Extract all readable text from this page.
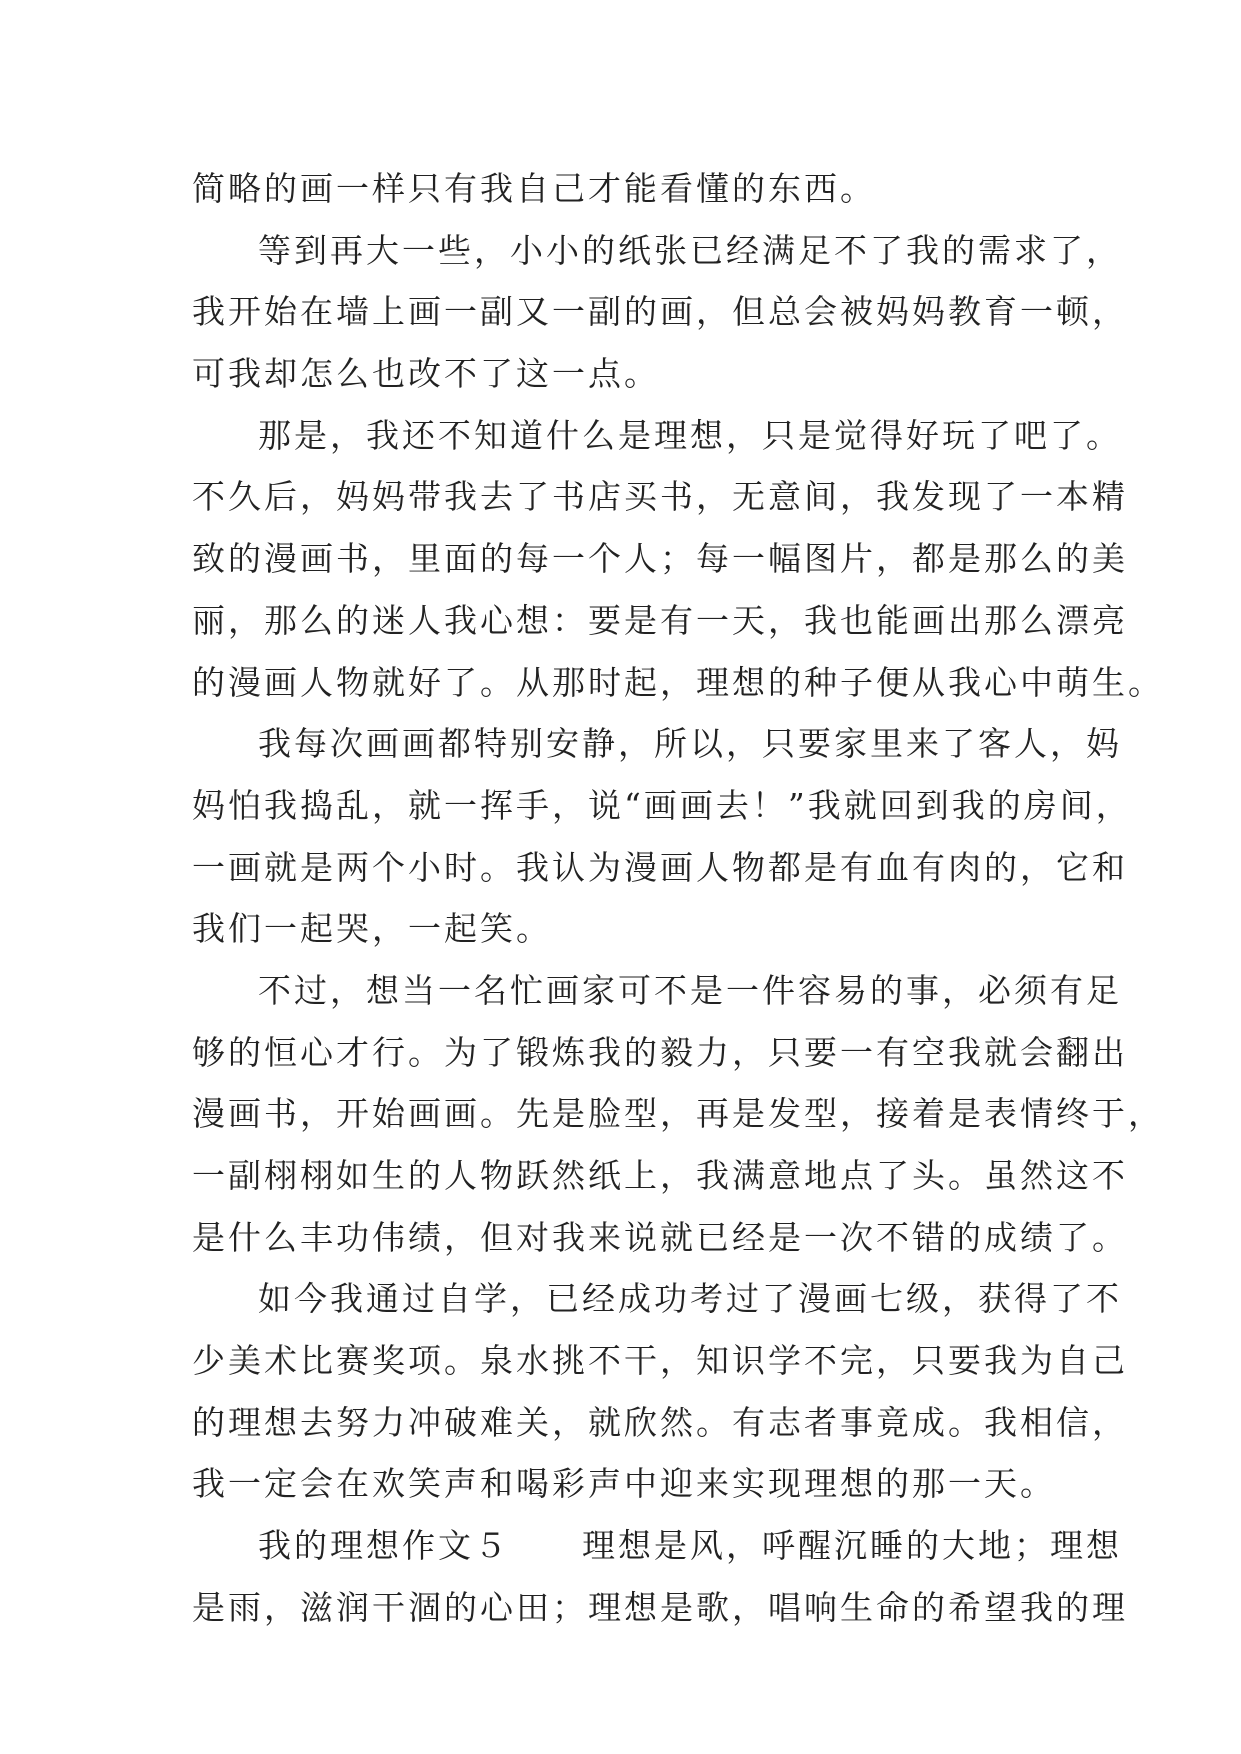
简略的画一样只有我自己才能看懂的东西。
等到再大一些，小小的纸张已经满足不了我的需求了，
我开始在墙上画一副又一副的画，但总会被妈妈教育一顿，
可我却怎么也改不了这一点。
那是，我还不知道什么是理想，只是觉得好玩了吧了。
不久后，妈妈带我去了书店买书，无意间，我发现了一本精
致的漫画书，里面的每一个人；每一幅图片，都是那么的美
丽，那么的迷人我心想：要是有一天，我也能画出那么漂亮
的漫画人物就好了。从那时起，理想的种子便从我心中萌生。
我每次画画都特别安静，所以，只要家里来了客人，妈
妈怕我捣乱，就一挥手，说“画画去！”我就回到我的房间，
一画就是两个小时。我认为漫画人物都是有血有肉的，它和
我们一起哭，一起笑。
不过，想当一名忙画家可不是一件容易的事，必须有足
够的恒心才行。为了锻炼我的毅力，只要一有空我就会翻出
漫画书，开始画画。先是脸型，再是发型，接着是表情终于，
一副栩栩如生的人物跃然纸上，我满意地点了头。虽然这不
是什么丰功伟绩，但对我来说就已经是一次不错的成绩了。
如今我通过自学，已经成功考过了漫画七级，获得了不
少美术比赛奖项。泉水挑不干，知识学不完，只要我为自己
的理想去努力冲破难关，就欣然。有志者事竟成。我相信，
我一定会在欢笑声和喝彩声中迎来实现理想的那一天。
我的理想作文５　　理想是风，呼醒沉睡的大地；理想
是雨，滋润干涸的心田；理想是歌，唱响生命的希望我的理
